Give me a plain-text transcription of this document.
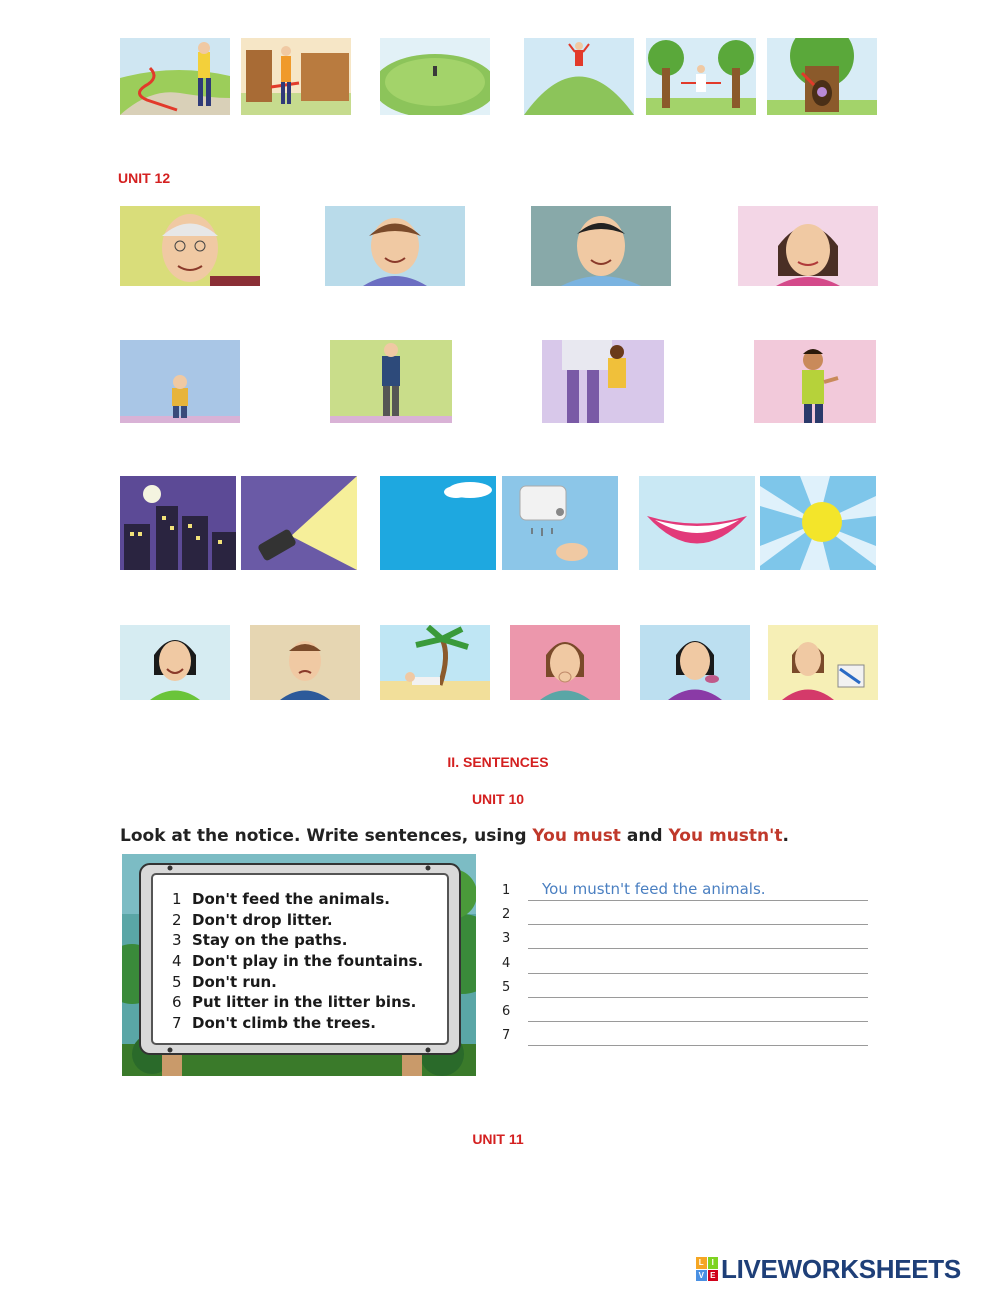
UNIT 12
II. SENTENCES
UNIT 10
Look at the notice. Write sentences, using You must and You mustn't.
1 Don't feed the animals.
2 Don't drop litter.
3 Stay on the paths.
4 Don't play in the fountains.
5 Don't run.
6 Put litter in the litter bins.
7 Don't climb the trees.
1 You mustn't feed the animals.
2
3
4
5
6
7
UNIT 11
L I
V E LIVEWORKSHEETS
